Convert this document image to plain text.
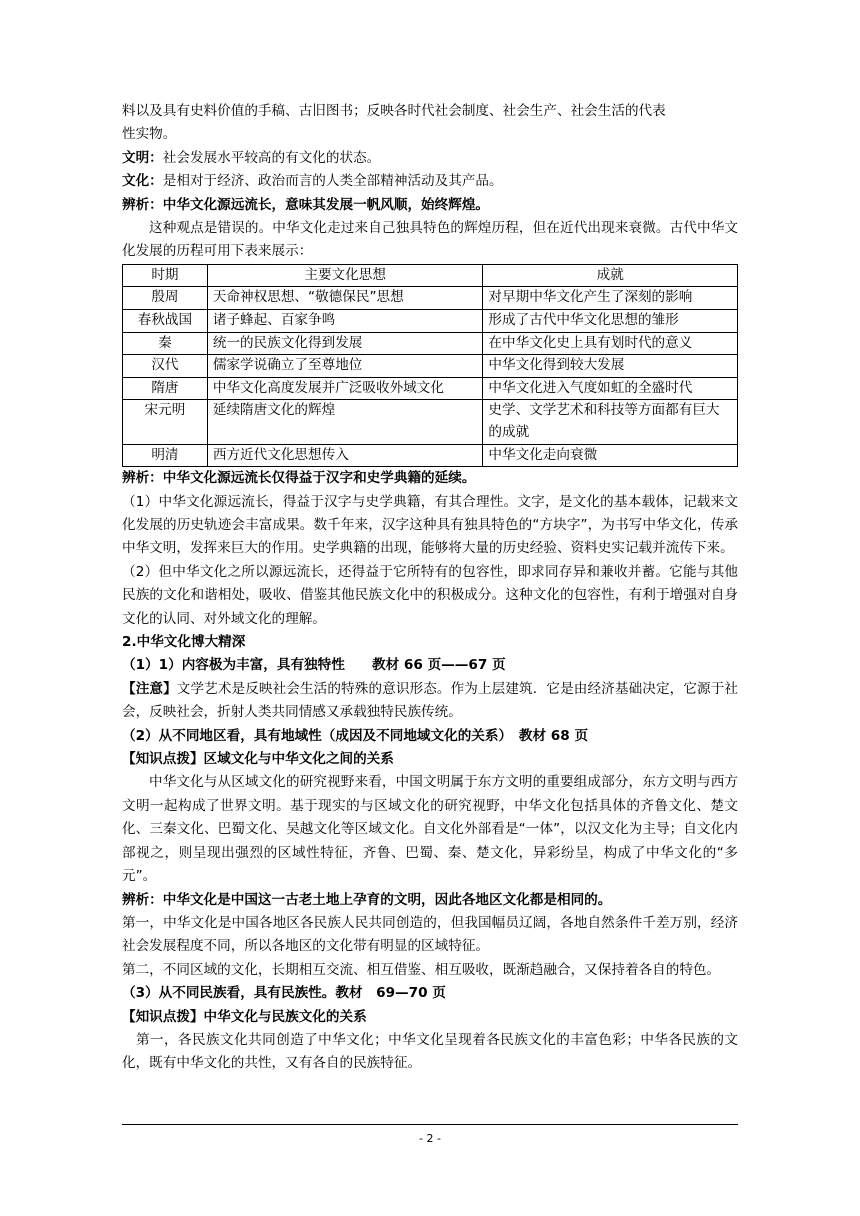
料以及具有史料价值的手稿、古旧图书；反映各时代社会制度、社会生产、社会生活的代表

性实物。

文明：社会发展水平较高的有文化的状态。

文化：是相对于经济、政治而言的人类全部精神活动及其产品。

辨析：中华文化源远流长，意味其发展一帆风顺，始终辉煌。

这种观点是错误的。中华文化走过来自己独具特色的辉煌历程，但在近代出现来衰微。古代中华文化发展的历程可用下表来展示：

时期	主要文化思想	成就
殷周	天命神权思想、“敬德保民”思想	对早期中华文化产生了深刻的影响
春秋战国	诸子蜂起、百家争鸣	形成了古代中华文化思想的雏形
秦	统一的民族文化得到发展	在中华文化史上具有划时代的意义
汉代	儒家学说确立了至尊地位	中华文化得到较大发展
隋唐	中华文化高度发展并广泛吸收外域文化	中华文化进入气度如虹的全盛时代
宋元明	延续隋唐文化的辉煌	史学、文学艺术和科技等方面都有巨大的成就
明清	西方近代文化思想传入	中华文化走向衰微

辨析：中华文化源远流长仅得益于汉字和史学典籍的延续。

（1）中华文化源远流长，得益于汉字与史学典籍，有其合理性。文字，是文化的基本载体，记载来文化发展的历史轨迹会丰富成果。数千年来，汉字这种具有独具特色的“方块字”，为书写中华文化，传承中华文明，发挥来巨大的作用。史学典籍的出现，能够将大量的历史经验、资料史实记载并流传下来。

（2）但中华文化之所以源远流长，还得益于它所特有的包容性，即求同存异和兼收并蓄。它能与其他民族的文化和谐相处，吸收、借鉴其他民族文化中的积极成分。这种文化的包容性，有利于增强对自身文化的认同、对外域文化的理解。

2.中华文化博大精深

（1）1）内容极为丰富，具有独特性　　教材 66 页——67 页

【注意】文学艺术是反映社会生活的特殊的意识形态。作为上层建筑．它是由经济基础决定，它源于社会，反映社会，折射人类共同情感又承载独特民族传统。

（2）从不同地区看，具有地域性（成因及不同地域文化的关系）　教材 68 页

【知识点拨】区域文化与中华文化之间的关系

中华文化与从区域文化的研究视野来看，中国文明属于东方文明的重要组成部分，东方文明与西方文明一起构成了世界文明。基于现实的与区域文化的研究视野，中华文化包括具体的齐鲁文化、楚文化、三秦文化、巴蜀文化、吴越文化等区域文化。自文化外部看是“一体”，以汉文化为主导；自文化内部视之，则呈现出强烈的区域性特征，齐鲁、巴蜀、秦、楚文化，异彩纷呈，构成了中华文化的“多元”。

辨析：中华文化是中国这一古老土地上孕育的文明，因此各地区文化都是相同的。

第一，中华文化是中国各地区各民族人民共同创造的，但我国幅员辽阔，各地自然条件千差万别，经济社会发展程度不同，所以各地区的文化带有明显的区域特征。

第二，不同区域的文化，长期相互交流、相互借鉴、相互吸收，既渐趋融合，又保持着各自的特色。

（3）从不同民族看，具有民族性。教材　69—70 页

【知识点拨】中华文化与民族文化的关系

第一，各民族文化共同创造了中华文化；中华文化呈现着各民族文化的丰富色彩；中华各民族的文化，既有中华文化的共性，又有各自的民族特征。

- 2 -
